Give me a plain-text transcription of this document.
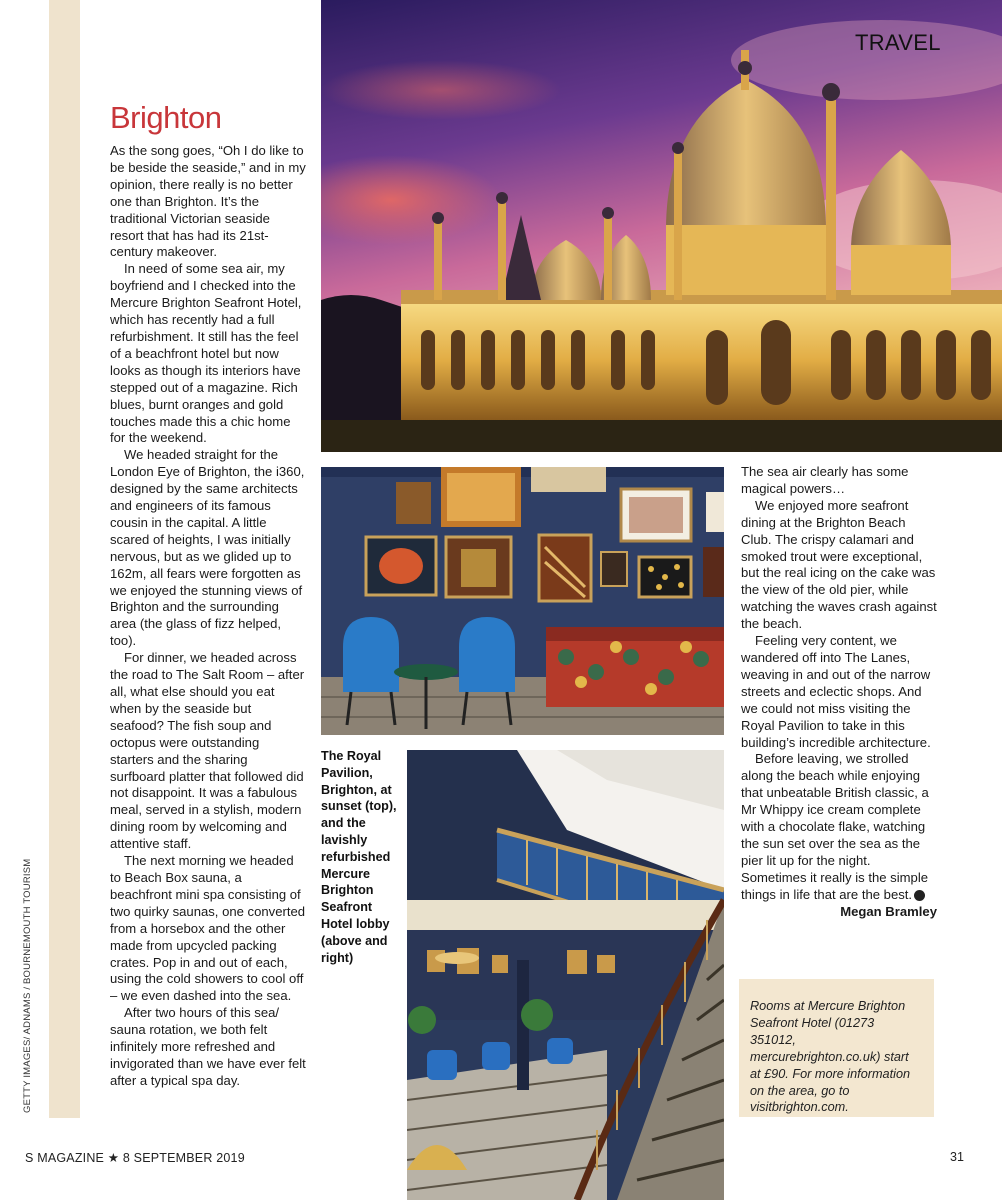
GETTY IMAGES/ ADNAMS / BOURNEMOUTH TOURISM
TRAVEL
Brighton

As the song goes, “Oh I do like to be beside the seaside,” and in my opinion, there really is no better one than Brighton. It’s the traditional Victorian seaside resort that has had its 21st-century makeover.

In need of some sea air, my boyfriend and I checked into the Mercure Brighton Seafront Hotel, which has recently had a full refurbishment. It still has the feel of a beachfront hotel but now looks as though its interiors have stepped out of a magazine. Rich blues, burnt oranges and gold touches made this a chic home for the weekend.

We headed straight for the London Eye of Brighton, the i360, designed by the same architects and engineers of its famous cousin in the capital. A little scared of heights, I was initially nervous, but as we glided up to 162m, all fears were forgotten as we enjoyed the stunning views of Brighton and the surrounding area (the glass of fizz helped, too).

For dinner, we headed across the road to The Salt Room – after all, what else should you eat when by the seaside but seafood? The fish soup and octopus were outstanding starters and the sharing surfboard platter that followed did not disappoint. It was a fabulous meal, served in a stylish, modern dining room by welcoming and attentive staff.

The next morning we headed to Beach Box sauna, a beachfront mini spa consisting of two quirky saunas, one converted from a horsebox and the other made from upcycled packing crates. Pop in and out of each, using the cold showers to cool off – we even dashed into the sea.

After two hours of this sea/ sauna rotation, we both felt infinitely more refreshed and invigorated than we have ever felt after a typical spa day.

The Royal Pavilion, Brighton, at sunset (top), and the lavishly refurbished Mercure Brighton Seafront Hotel lobby (above and right)

The sea air clearly has some magical powers…

We enjoyed more seafront dining at the Brighton Beach Club. The crispy calamari and smoked trout were exceptional, but the real icing on the cake was the view of the old pier, while watching the waves crash against the beach.

Feeling very content, we wandered off into The Lanes, weaving in and out of the narrow streets and eclectic shops. And we could not miss visiting the Royal Pavilion to take in this building’s incredible architecture.

Before leaving, we strolled along the beach while enjoying that unbeatable British classic, a Mr Whippy ice cream complete with a chocolate flake, watching the sun set over the sea as the pier lit up for the night. Sometimes it really is the simple things in life that are the best. S

Megan Bramley
Rooms at Mercure Brighton Seafront Hotel (01273 351012, mercurebrighton.co.uk) start at £90. For more information on the area, go to visitbrighton.com.
S MAGAZINE ★ 8 SEPTEMBER 2019	31
